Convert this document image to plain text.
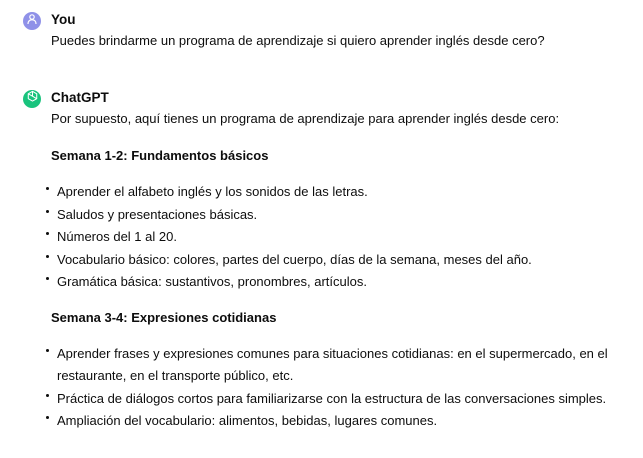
You

Puedes brindarme un programa de aprendizaje si quiero aprender inglés desde cero?

ChatGPT

Por supuesto, aquí tienes un programa de aprendizaje para aprender inglés desde cero:

Semana 1-2: Fundamentos básicos

Aprender el alfabeto inglés y los sonidos de las letras.
Saludos y presentaciones básicas.
Números del 1 al 20.
Vocabulario básico: colores, partes del cuerpo, días de la semana, meses del año.
Gramática básica: sustantivos, pronombres, artículos.

Semana 3-4: Expresiones cotidianas

Aprender frases y expresiones comunes para situaciones cotidianas: en el supermercado, en el restaurante, en el transporte público, etc.
Práctica de diálogos cortos para familiarizarse con la estructura de las conversaciones simples.
Ampliación del vocabulario: alimentos, bebidas, lugares comunes.
